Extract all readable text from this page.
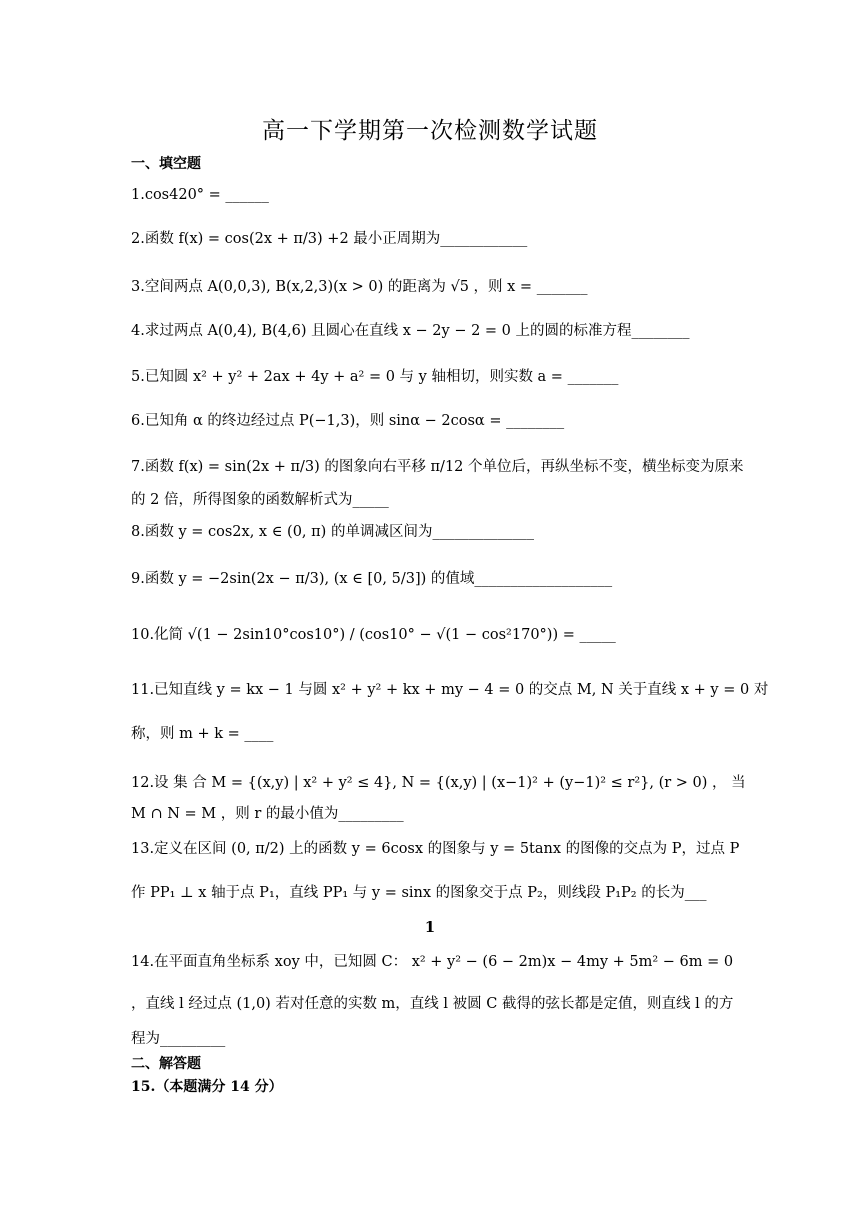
高一下学期第一次检测数学试题
一、填空题
1.cos420° = ______
2.函数 f(x) = cos(2x + π/3) +2 最小正周期为____________
3.空间两点 A(0,0,3), B(x,2,3)(x > 0) 的距离为 √5 ，则 x = _______
4.求过两点 A(0,4), B(4,6) 且圆心在直线 x − 2y − 2 = 0 上的圆的标准方程________
5.已知圆 x² + y² + 2ax + 4y + a² = 0 与 y 轴相切，则实数 a = _______
6.已知角 α 的终边经过点 P(−1,3)，则 sinα − 2cosα = ________
7.函数 f(x) = sin(2x + π/3) 的图象向右平移 π/12 个单位后，再纵坐标不变，横坐标变为原来
的 2 倍，所得图象的函数解析式为_____
8.函数 y = cos2x, x ∈ (0, π) 的单调减区间为______________
9.函数 y = −2sin(2x − π/3), (x ∈ [0, 5/3]) 的值域___________________
10.化简 √(1 − 2sin10°cos10°) / (cos10° − √(1 − cos²170°)) = _____
11.已知直线 y = kx − 1 与圆 x² + y² + kx + my − 4 = 0 的交点 M, N 关于直线 x + y = 0 对
称，则 m + k = ____
12.设 集 合 M = {(x,y) | x² + y² ≤ 4}, N = {(x,y) | (x−1)² + (y−1)² ≤ r²}, (r > 0) ， 当
M ∩ N = M ，则 r 的最小值为_________
13.定义在区间 (0, π/2) 上的函数 y = 6cosx 的图象与 y = 5tanx 的图像的交点为 P，过点 P
作 PP₁ ⊥ x 轴于点 P₁，直线 PP₁ 与 y = sinx 的图象交于点 P₂，则线段 P₁P₂ 的长为___
1
14.在平面直角坐标系 xoy 中，已知圆 C： x² + y² − (6 − 2m)x − 4my + 5m² − 6m = 0
，直线 l 经过点 (1,0) 若对任意的实数 m，直线 l 被圆 C 截得的弦长都是定值，则直线 l 的方
程为_________
二、解答题
15.（本题满分 14 分）
